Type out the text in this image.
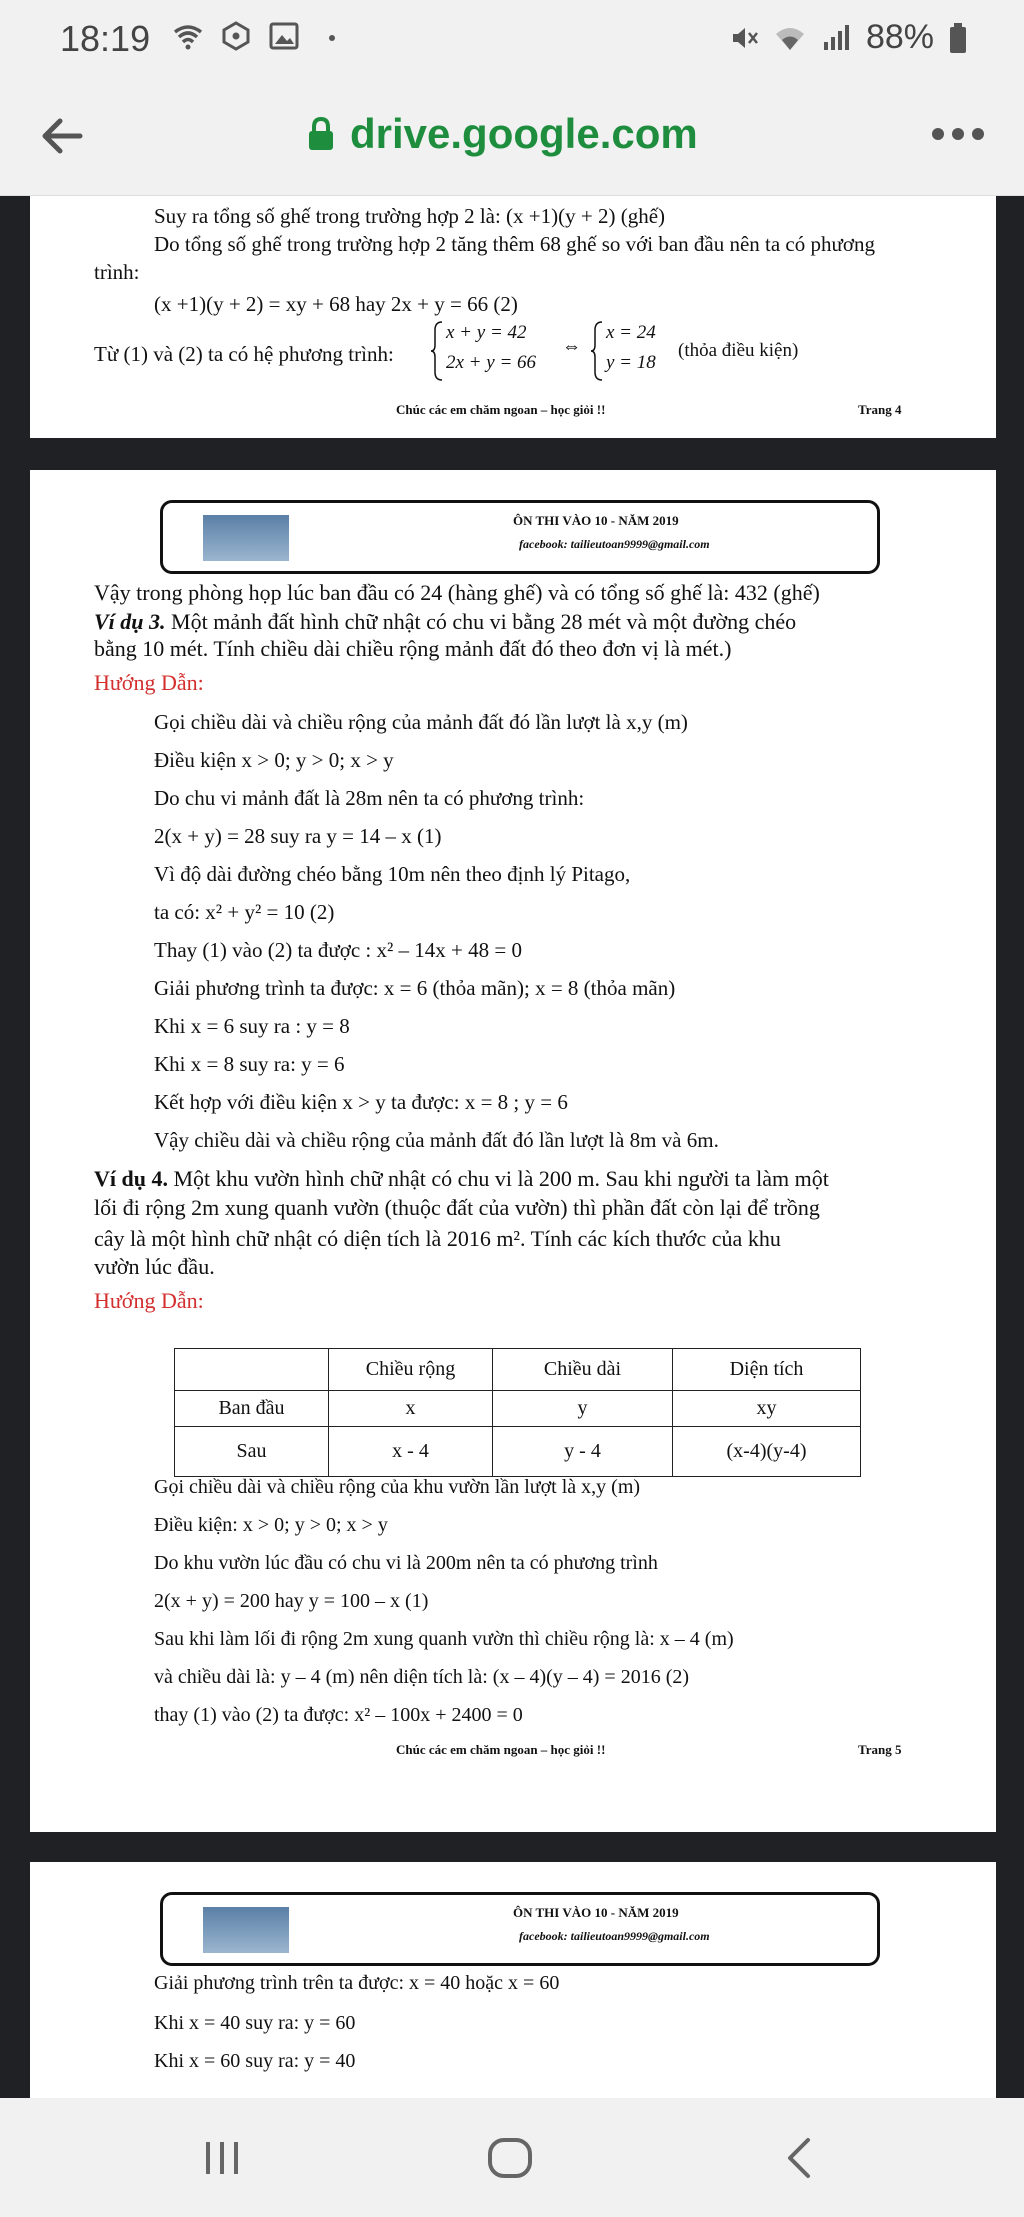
18:19	88%
drive.google.com
Suy ra tổng số ghế trong trường hợp 2 là: (x +1)(y + 2) (ghế)
Do tổng số ghế trong trường hợp 2 tăng thêm 68 ghế so với ban đầu nên ta có phương
trình:
(x +1)(y + 2) = xy + 68 hay 2x + y = 66 (2)
Từ (1) và (2) ta có hệ phương trình:
x + y = 42
2x + y = 66
⇔
x = 24
y = 18
(thỏa điều kiện)
Chúc các em chăm ngoan – học giỏi !!	Trang 4
ÔN THI VÀO 10 - NĂM 2019
facebook: tailieutoan9999@gmail.com
Vậy trong phòng họp lúc ban đầu có 24 (hàng ghế) và có tổng số ghế là: 432 (ghế)
Ví dụ 3. Một mảnh đất hình chữ nhật có chu vi bằng 28 mét và một đường chéo
bằng 10 mét. Tính chiều dài chiều rộng mảnh đất đó theo đơn vị là mét.)
Hướng Dẫn:
Gọi chiều dài và chiều rộng của mảnh đất đó lần lượt là x,y (m)
Điều kiện x > 0; y > 0; x > y
Do chu vi mảnh đất là 28m nên ta có phương trình:
2(x + y) = 28 suy ra y = 14 – x (1)
Vì độ dài đường chéo bằng 10m nên theo định lý Pitago,
ta có: x² + y² = 10 (2)
Thay (1) vào (2) ta được : x² – 14x + 48 = 0
Giải phương trình ta được: x = 6 (thỏa mãn); x = 8 (thỏa mãn)
Khi x = 6 suy ra : y = 8
Khi x = 8 suy ra: y = 6
Kết hợp với điều kiện x > y ta được: x = 8 ; y = 6
Vậy chiều dài và chiều rộng của mảnh đất đó lần lượt là 8m và 6m.
Ví dụ 4. Một khu vườn hình chữ nhật có chu vi là 200 m. Sau khi người ta làm một
lối đi rộng 2m xung quanh vườn (thuộc đất của vườn) thì phần đất còn lại để trồng
cây là một hình chữ nhật có diện tích là 2016 m². Tính các kích thước của khu
vườn lúc đầu.
Hướng Dẫn:
	Chiều rộng	Chiều dài	Diện tích
Ban đầu	x	y	xy
Sau	x - 4	y - 4	(x-4)(y-4)
Gọi chiều dài và chiều rộng của khu vườn lần lượt là x,y (m)
Điều kiện: x > 0; y > 0; x > y
Do khu vườn lúc đầu có chu vi là 200m nên ta có phương trình
2(x + y) = 200 hay y = 100 – x (1)
Sau khi làm lối đi rộng 2m xung quanh vườn thì chiều rộng là: x – 4 (m)
và chiều dài là: y – 4 (m) nên diện tích là: (x – 4)(y – 4) = 2016 (2)
thay (1) vào (2) ta được: x² – 100x + 2400 = 0
Chúc các em chăm ngoan – học giỏi !!	Trang 5
ÔN THI VÀO 10 - NĂM 2019
facebook: tailieutoan9999@gmail.com
Giải phương trình trên ta được: x = 40 hoặc x = 60
Khi x = 40 suy ra: y = 60
Khi x = 60 suy ra: y = 40
